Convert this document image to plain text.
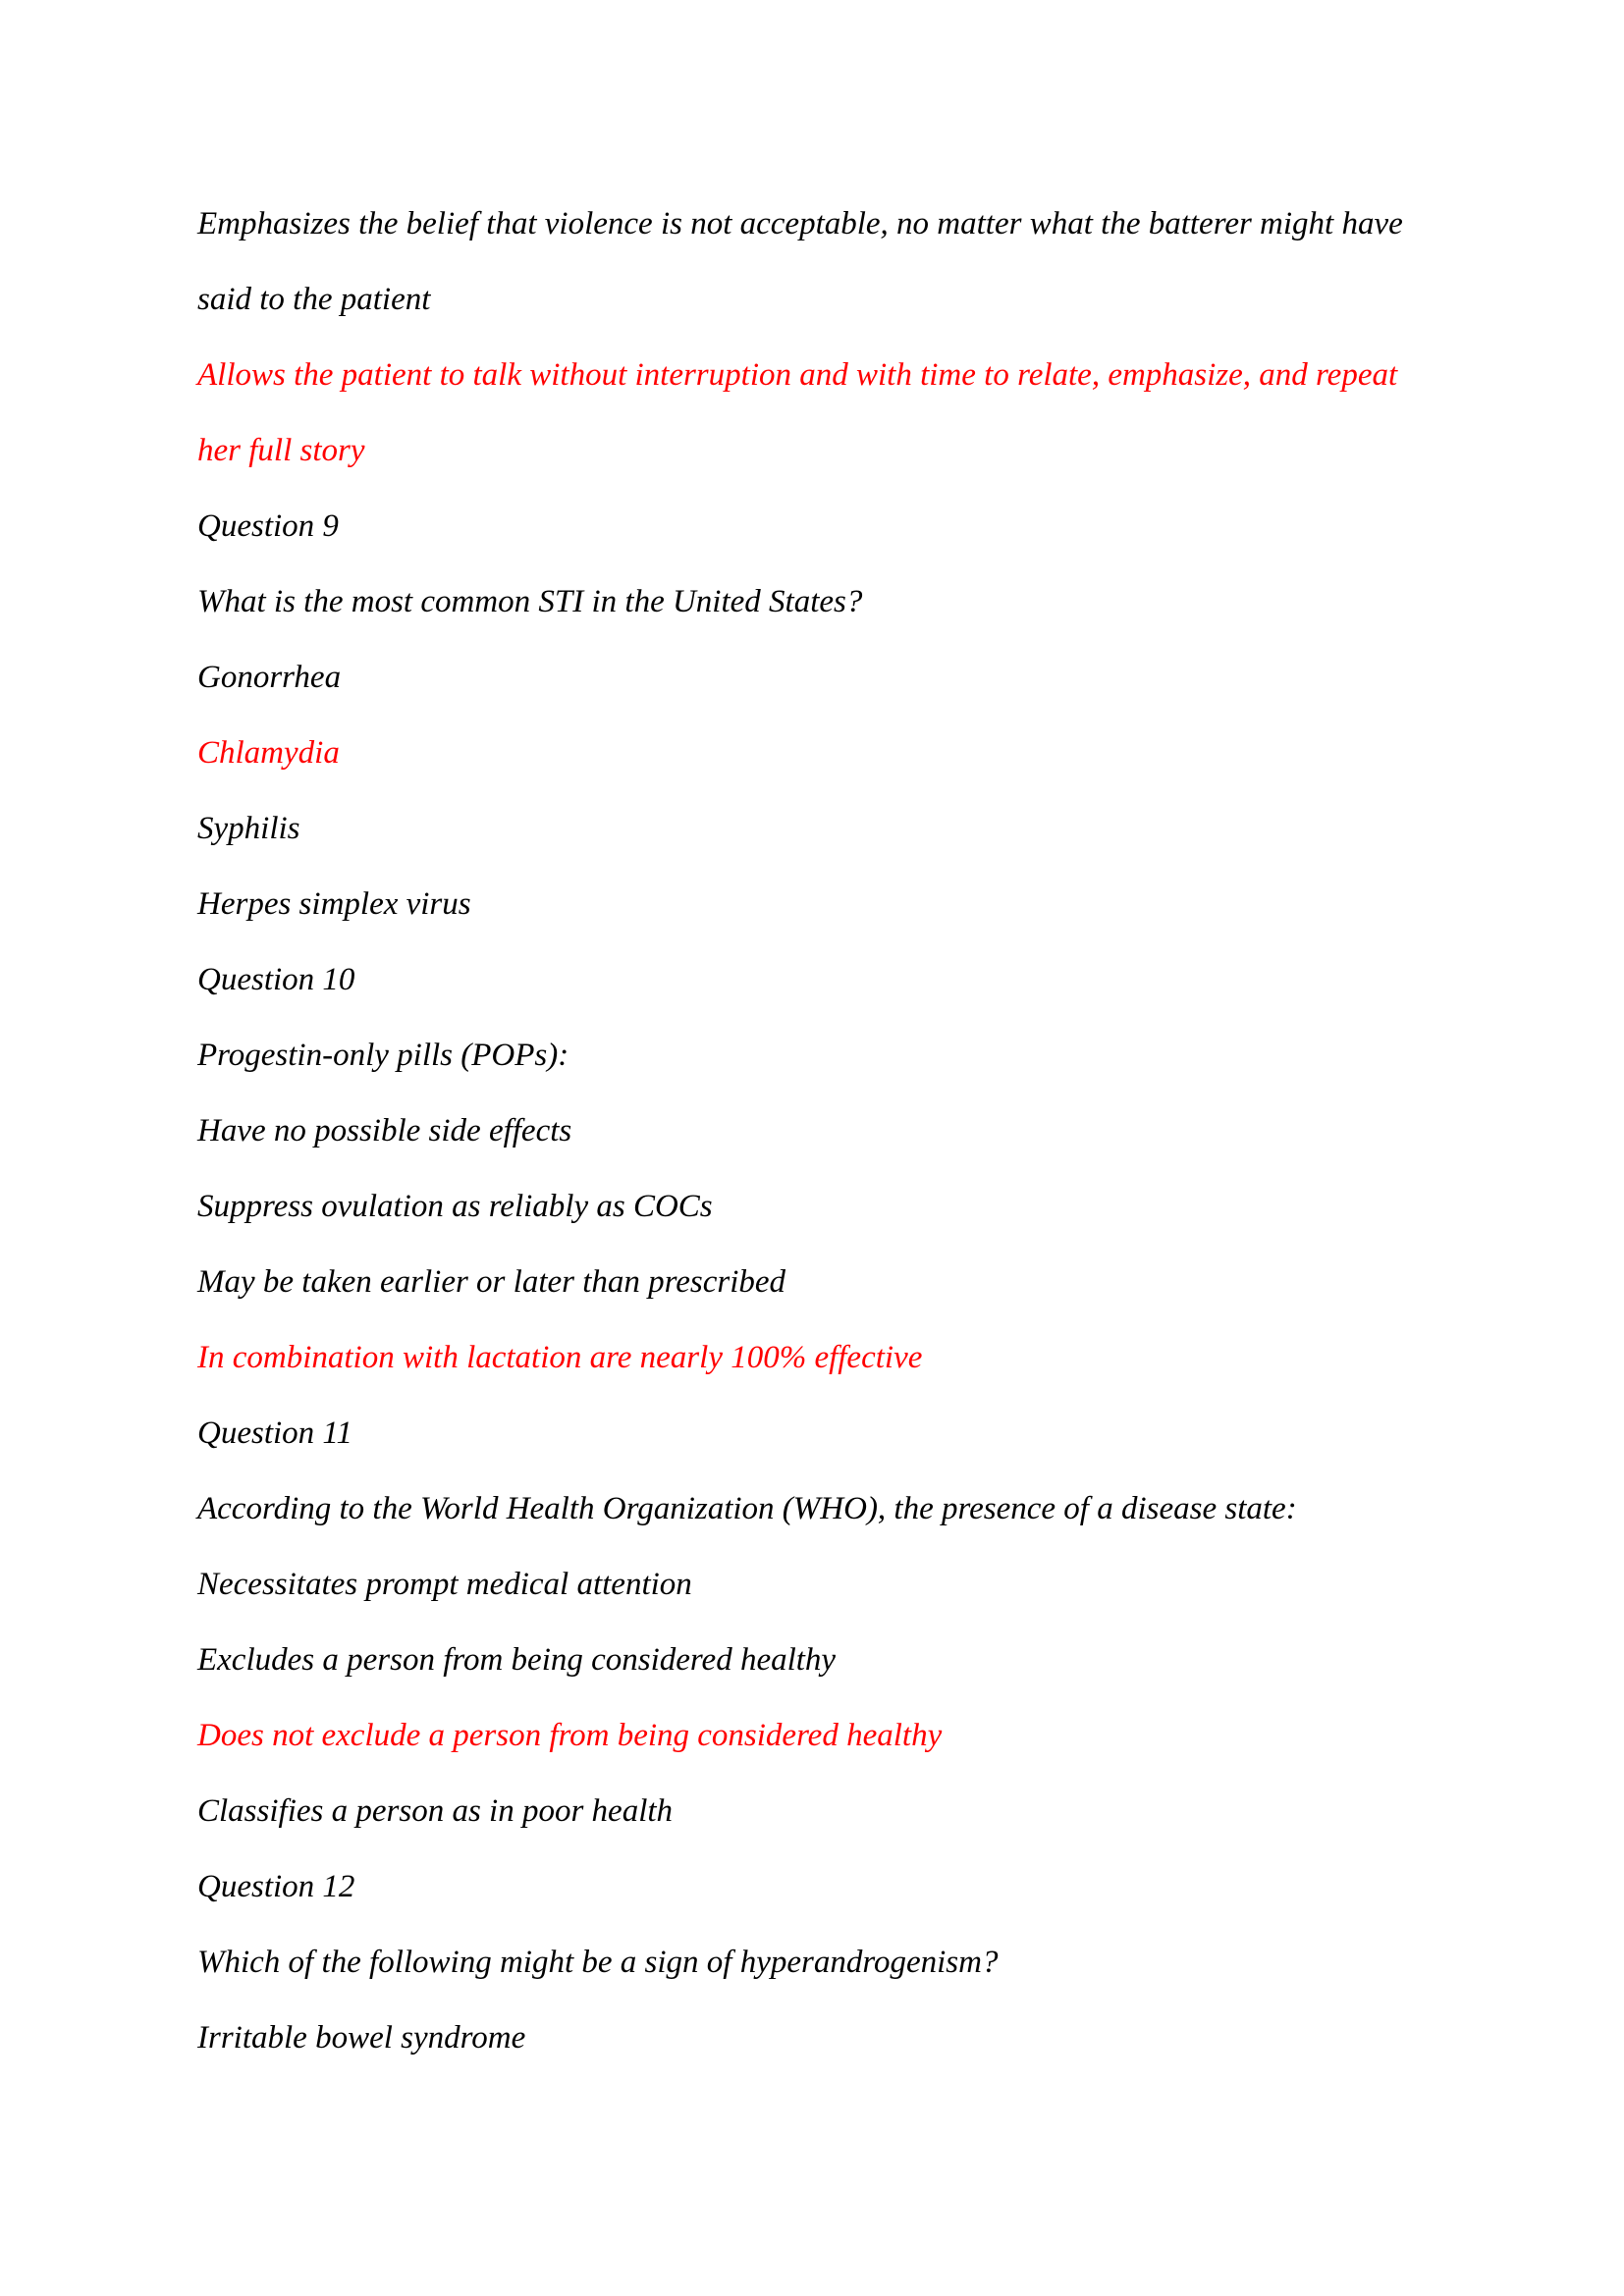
Emphasizes the belief that violence is not acceptable, no matter what the batterer might have
said to the patient
Allows the patient to talk without interruption and with time to relate, emphasize, and repeat
her full story
Question 9
What is the most common STI in the United States?
Gonorrhea
Chlamydia
Syphilis
Herpes simplex virus
Question 10
Progestin-only pills (POPs):
Have no possible side effects
Suppress ovulation as reliably as COCs
May be taken earlier or later than prescribed
In combination with lactation are nearly 100% effective
Question 11
According to the World Health Organization (WHO), the presence of a disease state:
Necessitates prompt medical attention
Excludes a person from being considered healthy
Does not exclude a person from being considered healthy
Classifies a person as in poor health
Question 12
Which of the following might be a sign of hyperandrogenism?
Irritable bowel syndrome
